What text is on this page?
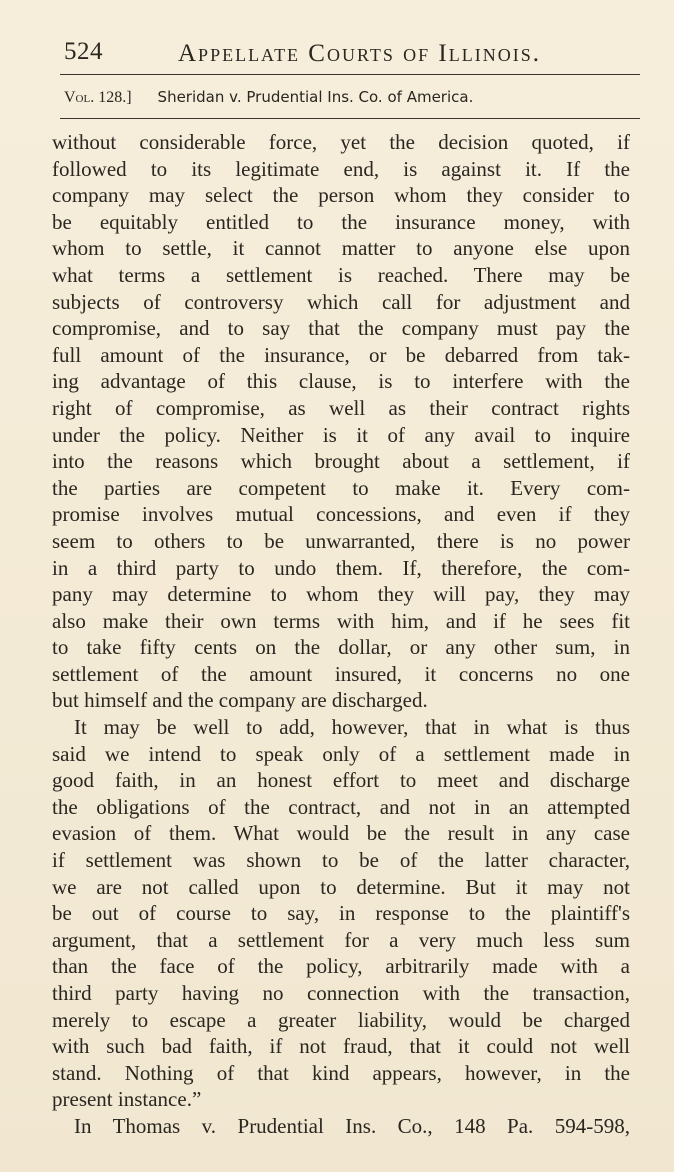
524	Appellate Courts of Illinois.
Vol. 128.] Sheridan v. Prudential Ins. Co. of America.
without considerable force, yet the decision quoted, if
followed to its legitimate end, is against it. If the
company may select the person whom they consider to
be equitably entitled to the insurance money, with
whom to settle, it cannot matter to anyone else upon
what terms a settlement is reached. There may be
subjects of controversy which call for adjustment and
compromise, and to say that the company must pay the
full amount of the insurance, or be debarred from tak-
ing advantage of this clause, is to interfere with the
right of compromise, as well as their contract rights
under the policy. Neither is it of any avail to inquire
into the reasons which brought about a settlement, if
the parties are competent to make it. Every com-
promise involves mutual concessions, and even if they
seem to others to be unwarranted, there is no power
in a third party to undo them. If, therefore, the com-
pany may determine to whom they will pay, they may
also make their own terms with him, and if he sees fit
to take fifty cents on the dollar, or any other sum, in
settlement of the amount insured, it concerns no one
but himself and the company are discharged.
It may be well to add, however, that in what is thus
said we intend to speak only of a settlement made in
good faith, in an honest effort to meet and discharge
the obligations of the contract, and not in an attempted
evasion of them. What would be the result in any case
if settlement was shown to be of the latter character,
we are not called upon to determine. But it may not
be out of course to say, in response to the plaintiff's
argument, that a settlement for a very much less sum
than the face of the policy, arbitrarily made with a
third party having no connection with the transaction,
merely to escape a greater liability, would be charged
with such bad faith, if not fraud, that it could not well
stand. Nothing of that kind appears, however, in the
present instance.”
In Thomas v. Prudential Ins. Co., 148 Pa. 594-598,
